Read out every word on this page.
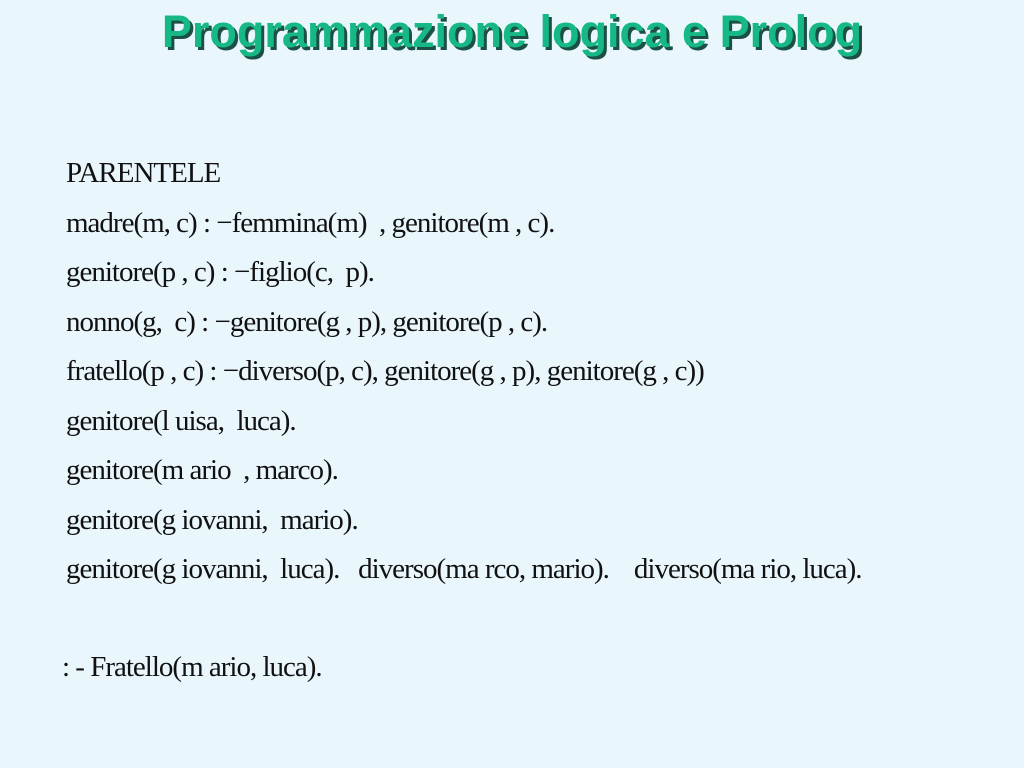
Programmazione logica e Prolog
PARENTELE
madre(m, c) : −femmina(m)  , genitore(m , c).
genitore(p , c) : −figlio(c,  p).
nonno(g,  c) : −genitore(g , p), genitore(p , c).
fratello(p , c) : −diverso(p, c), genitore(g , p), genitore(g , c))
genitore(l uisa,  luca).
genitore(m ario  , marco).
genitore(g iovanni,  mario).
genitore(g iovanni,  luca).   diverso(ma rco, mario).    diverso(ma rio, luca).
: - Fratello(m ario, luca).
